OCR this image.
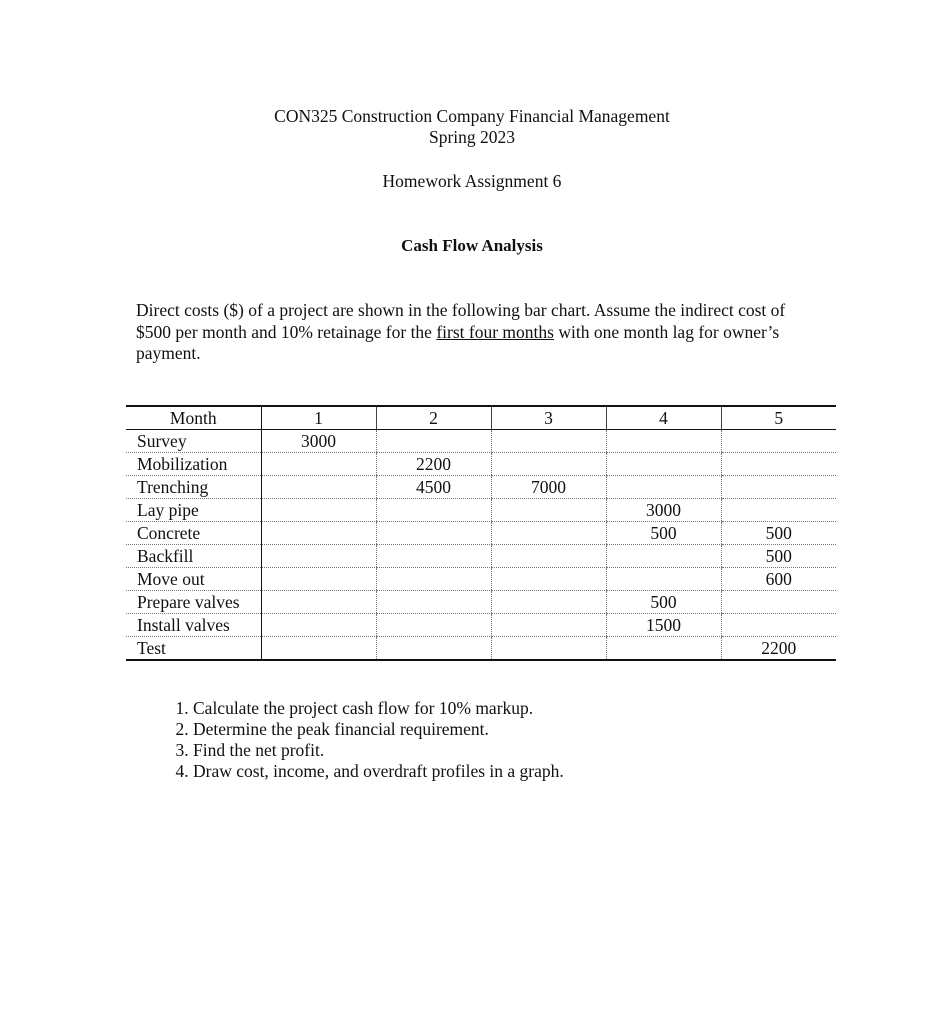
CON325 Construction Company Financial Management
Spring 2023
Homework Assignment 6
Cash Flow Analysis
Direct costs ($) of a project are shown in the following bar chart. Assume the indirect cost of $500 per month and 10% retainage for the first four months with one month lag for owner’s payment.
Month	1	2	3	4	5
Survey	3000				
Mobilization		2200			
Trenching		4500	7000		
Lay pipe				3000	
Concrete				500	500
Backfill					500
Move out					600
Prepare valves				500	
Install valves				1500	
Test					2200
1. Calculate the project cash flow for 10% markup.
2. Determine the peak financial requirement.
3. Find the net profit.
4. Draw cost, income, and overdraft profiles in a graph.
